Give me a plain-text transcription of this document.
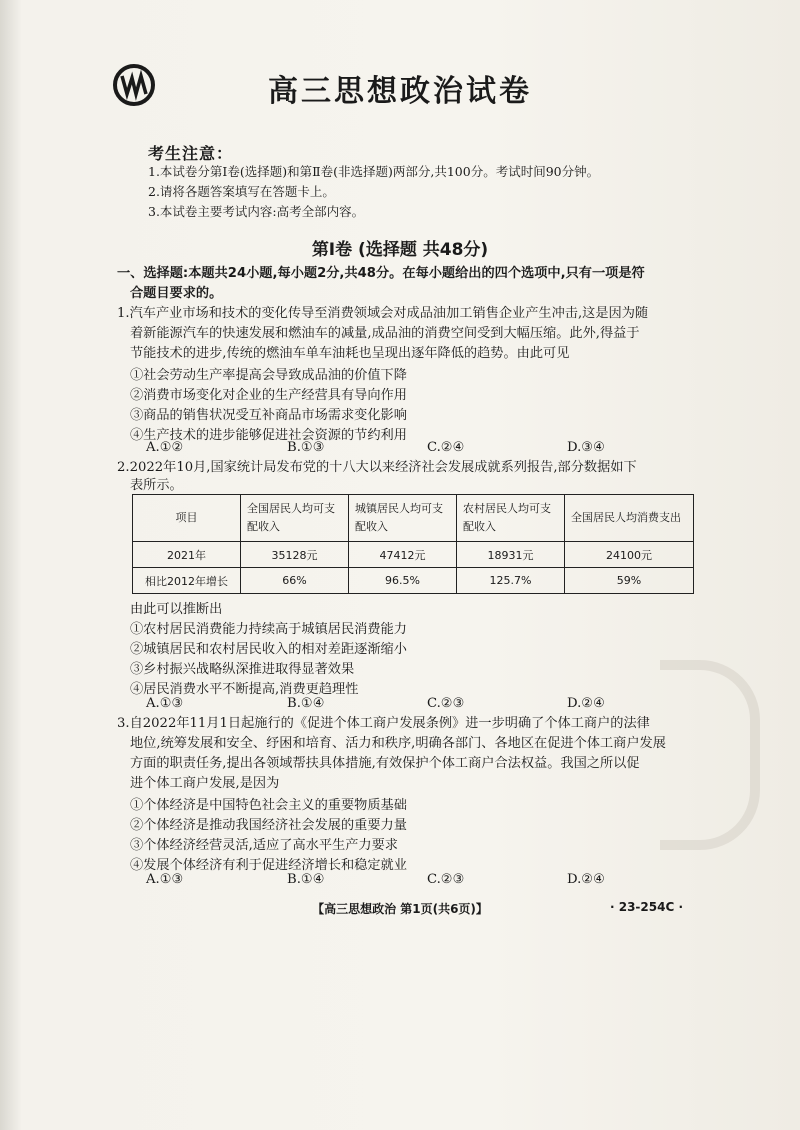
高三思想政治试卷
考生注意：
1.本试卷分第Ⅰ卷(选择题)和第Ⅱ卷(非选择题)两部分,共100分。考试时间90分钟。
2.请将各题答案填写在答题卡上。
3.本试卷主要考试内容:高考全部内容。
第Ⅰ卷 (选择题 共48分)
一、选择题:本题共24小题,每小题2分,共48分。在每小题给出的四个选项中,只有一项是符
合题目要求的。
1.汽车产业市场和技术的变化传导至消费领域会对成品油加工销售企业产生冲击,这是因为随
着新能源汽车的快速发展和燃油车的减量,成品油的消费空间受到大幅压缩。此外,得益于
节能技术的进步,传统的燃油车单车油耗也呈现出逐年降低的趋势。由此可见
①社会劳动生产率提高会导致成品油的价值下降
②消费市场变化对企业的生产经营具有导向作用
③商品的销售状况受互补商品市场需求变化影响
④生产技术的进步能够促进社会资源的节约利用
A.①②	B.①③	C.②④	D.③④
2.2022年10月,国家统计局发布党的十八大以来经济社会发展成就系列报告,部分数据如下
表所示。
项目	全国居民人均可支配收入	城镇居民人均可支配收入	农村居民人均可支配收入	全国居民人均消费支出
2021年	35128元	47412元	18931元	24100元
相比2012年增长	66%	96.5%	125.7%	59%
由此可以推断出
①农村居民消费能力持续高于城镇居民消费能力
②城镇居民和农村居民收入的相对差距逐渐缩小
③乡村振兴战略纵深推进取得显著效果
④居民消费水平不断提高,消费更趋理性
A.①③	B.①④	C.②③	D.②④
3.自2022年11月1日起施行的《促进个体工商户发展条例》进一步明确了个体工商户的法律
地位,统筹发展和安全、纾困和培育、活力和秩序,明确各部门、各地区在促进个体工商户发展
方面的职责任务,提出各领域帮扶具体措施,有效保护个体工商户合法权益。我国之所以促
进个体工商户发展,是因为
①个体经济是中国特色社会主义的重要物质基础
②个体经济是推动我国经济社会发展的重要力量
③个体经济经营灵活,适应了高水平生产力要求
④发展个体经济有利于促进经济增长和稳定就业
A.①③	B.①④	C.②③	D.②④
【高三思想政治 第1页(共6页)】	· 23-254C ·
